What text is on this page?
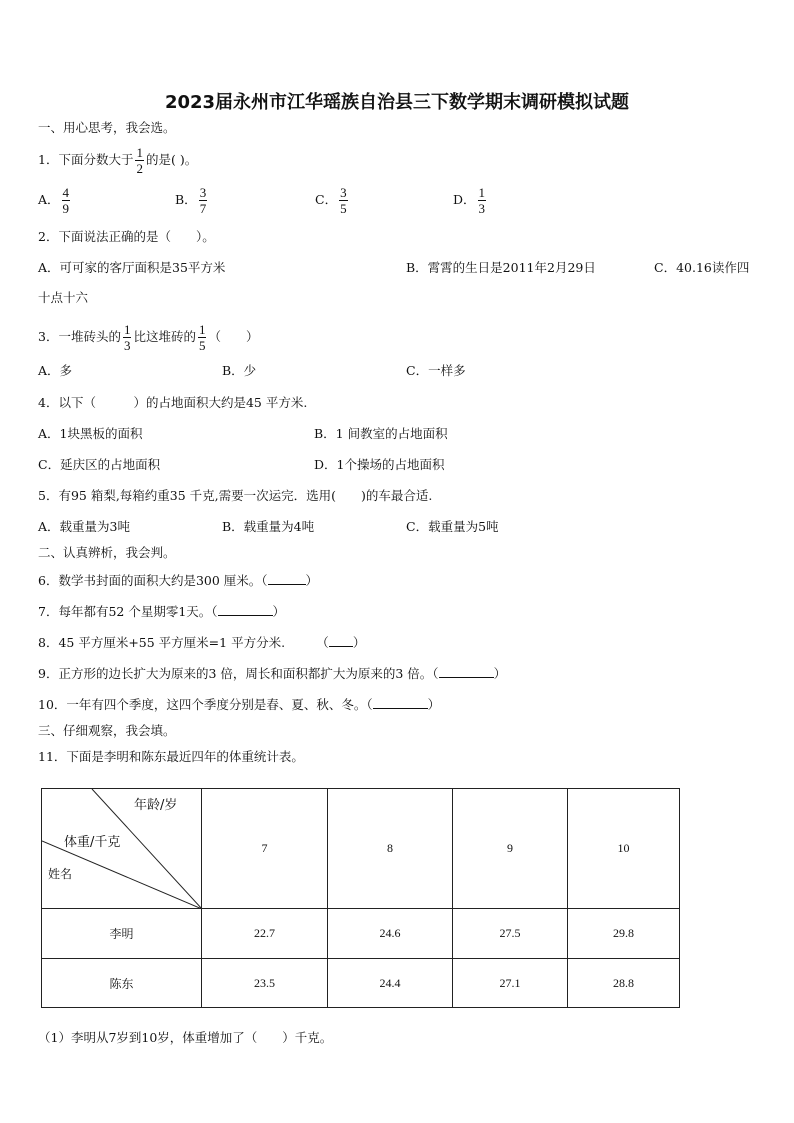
2023届永州市江华瑶族自治县三下数学期末调研模拟试题
一、用心思考，我会选。
1．下面分数大于 $\frac{1}{2}$ 的是( )。
A． $\frac{4}{9}$	B． $\frac{3}{7}$	C． $\frac{3}{5}$	D． $\frac{1}{3}$
2．下面说法正确的是（　　）。
A．可可家的客厅面积是35平方米	B．霄霄的生日是2011年2月29日	C．40.16读作四
十点十六
3．一堆砖头的 $\frac{1}{3}$ 比这堆砖的 $\frac{1}{5}$ （　　）
A．多	B．少	C．一样多
4．以下（　　　）的占地面积大约是45 平方米.
A．1块黑板的面积	B．1 间教室的占地面积
C．延庆区的占地面积	D．1个操场的占地面积
5．有95 箱梨,每箱约重35 千克,需要一次运完．选用(　　)的车最合适.
A．载重量为3吨	B．载重量为4吨	C．载重量为5吨
二、认真辨析，我会判。
6．数学书封面的面积大约是300 厘米。（	）
7．每年都有52 个星期零1天。（	）
8．45 平方厘米+55 平方厘米=1 平方分米.　　　（ ）
9．正方形的边长扩大为原来的3 倍，周长和面积都扩大为原来的3 倍。（	）
10．一年有四个季度，这四个季度分别是春、夏、秋、冬。（	）
三、仔细观察，我会填。
11．下面是李明和陈东最近四年的体重统计表。
年龄/岁
体重/千克
姓名	7	8	9	10
李明	22.7	24.6	27.5	29.8
陈东	23.5	24.4	27.1	28.8
（1）李明从7岁到10岁，体重增加了（　　）千克。
